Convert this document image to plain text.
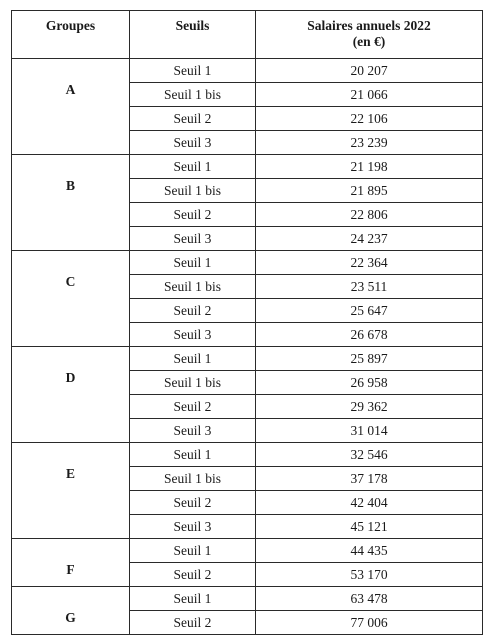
Groupes	Seuils	Salaires annuels 2022
(en €)

A	Seuil 1	20 207
	Seuil 1 bis	21 066
	Seuil 2	22 106
	Seuil 3	23 239
B	Seuil 1	21 198
	Seuil 1 bis	21 895
	Seuil 2	22 806
	Seuil 3	24 237
C	Seuil 1	22 364
	Seuil 1 bis	23 511
	Seuil 2	25 647
	Seuil 3	26 678
D	Seuil 1	25 897
	Seuil 1 bis	26 958
	Seuil 2	29 362
	Seuil 3	31 014
E	Seuil 1	32 546
	Seuil 1 bis	37 178
	Seuil 2	42 404
	Seuil 3	45 121
F	Seuil 1	44 435
	Seuil 2	53 170
G	Seuil 1	63 478
	Seuil 2	77 006
